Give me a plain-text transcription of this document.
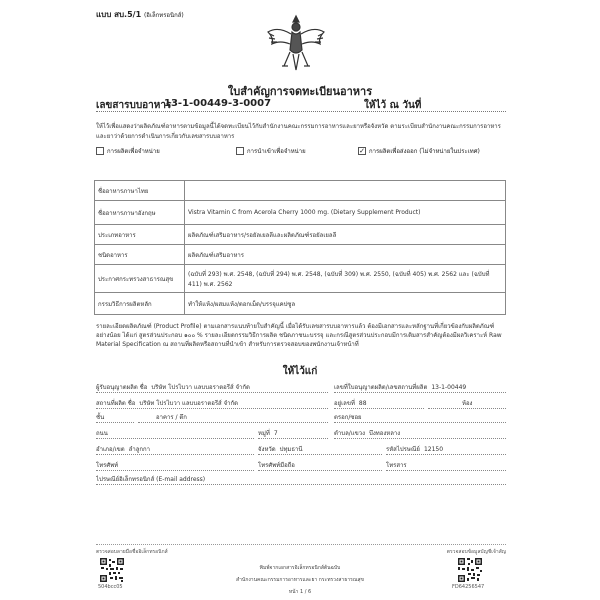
แบบ สบ.5/1 (อิเล็กทรอนิกส์)
ใบสำคัญการจดทะเบียนอาหาร
เลขสารบบอาหาร
13-1-00449-3-0007	ให้ไว้ ณ วันที่
ให้ไว้เพื่อแสดงว่าผลิตภัณฑ์อาหารตามข้อมูลนี้ได้จดทะเบียนไว้กับสำนักงานคณะกรรมการอาหารและยาหรือจังหวัด ตามระเบียบสำนักงานคณะกรรมการอาหารและยาว่าด้วยการดำเนินการเกี่ยวกับเลขสารบบอาหาร
การผลิตเพื่อจำหน่าย	การนำเข้าเพื่อจำหน่าย	✓ การผลิตเพื่อส่งออก (ไม่จำหน่ายในประเทศ)
ชื่ออาหารภาษาไทย	
ชื่ออาหารภาษาอังกฤษ	Vistra Vitamin C from Acerola Cherry 1000 mg. (Dietary Supplement Product)
ประเภทอาหาร	ผลิตภัณฑ์เสริมอาหาร/รอยัลเยลลีและผลิตภัณฑ์รอยัลเยลลี
ชนิดอาหาร	ผลิตภัณฑ์เสริมอาหาร
ประกาศกระทรวงสาธารณสุข	(ฉบับที่ 293) พ.ศ. 2548, (ฉบับที่ 294) พ.ศ. 2548, (ฉบับที่ 309) พ.ศ. 2550, (ฉบับที่ 405) พ.ศ. 2562 และ (ฉบับที่ 411) พ.ศ. 2562
กรรมวิธีการผลิตหลัก	ทำให้แห้ง/ผสมแห้ง/ตอกเม็ด/บรรจุแคปซูล
รายละเอียดผลิตภัณฑ์ (Product Profile) ตามเอกสารแนบท้ายใบสำคัญนี้ เมื่อได้รับเลขสารบบอาหารแล้ว ต้องมีเอกสารและหลักฐานที่เกี่ยวข้องกับผลิตภัณฑ์ อย่างน้อย ได้แก่ สูตรส่วนประกอบ ๑๐๐ % รายละเอียดกรรมวิธีการผลิต ชนิดภาชนะบรรจุ และกรณีสูตรส่วนประกอบมีการเติมสารสำคัญต้องมีผลวิเคราะห์ Raw Material Specification ณ สถานที่ผลิตหรือสถานที่นำเข้า สำหรับการตรวจสอบของพนักงานเจ้าหน้าที่
ให้ไว้แก่
ผู้รับอนุญาตผลิต ชื่อ บริษัท โปรไบวา แลบบอราตอรีส์ จำกัด	เลขที่ใบอนุญาตผลิต/เลขสถานที่ผลิต 13-1-00449
สถานที่ผลิต ชื่อ บริษัท โปรไบวา แลบบอราตอรีส์ จำกัด	อยู่เลขที่ 88	ห้อง
ชั้น	อาคาร / ตึก	ตรอก/ซอย
ถนน	หมู่ที่ 7	ตำบล/แขวง บึงทองหลาง
อำเภอ/เขต ลำลูกกา	จังหวัด ปทุมธานี	รหัสไปรษณีย์ 12150
โทรศัพท์	โทรศัพท์มือถือ	โทรสาร
ไปรษณีย์อิเล็กทรอนิกส์ (E-mail address)
ตรวจสอบลายมือชื่ออิเล็กทรอนิกส์	ตรวจสอบข้อมูลบัญชีเจ้าสัญ
504bcc05	FD64256547
พิมพ์จากเอกสารอิเล็กทรอนิกส์ต้นฉบับ
สำนักงานคณะกรรมการอาหารและยา กระทรวงสาธารณสุข
หน้า 1 / 6
